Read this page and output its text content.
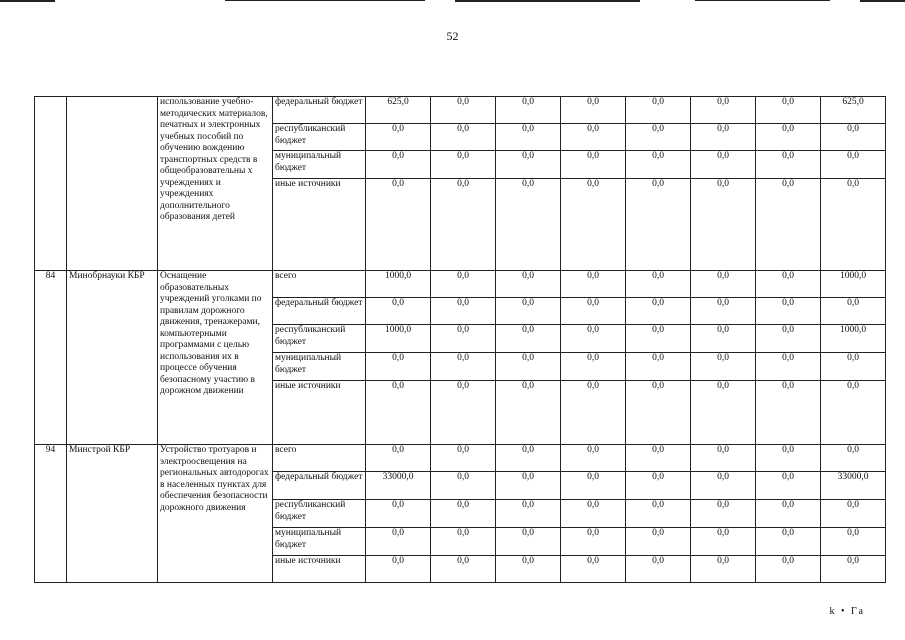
52
		использование учебно-методических материалов, печатных и электронных учебных пособий по обучению вождению транспортных средств в общеобразовательны х учреждениях и учреждениях дополнительного образования детей	федеральный бюджет	625,0	0,0	0,0	0,0	0,0	0,0	0,0	625,0
			республиканский бюджет	0,0	0,0	0,0	0,0	0,0	0,0	0,0	0,0
			муниципальный бюджет	0,0	0,0	0,0	0,0	0,0	0,0	0,0	0,0
			иные источники	0,0	0,0	0,0	0,0	0,0	0,0	0,0	0,0
84	Минобрнауки КБР	Оснащение образовательных учреждений уголками по правилам дорожного движения, тренажерами, компьютерными программами с целью использования их в процессе обучения безопасному участию в дорожном движении	всего	1000,0	0,0	0,0	0,0	0,0	0,0	0,0	1000,0
			федеральный бюджет	0,0	0,0	0,0	0,0	0,0	0,0	0,0	0,0
			республиканский бюджет	1000,0	0,0	0,0	0,0	0,0	0,0	0,0	1000,0
			муниципальный бюджет	0,0	0,0	0,0	0,0	0,0	0,0	0,0	0,0
			иные источники	0,0	0,0	0,0	0,0	0,0	0,0	0,0	0,0
94	Минстрой КБР	Устройство тротуаров и электроосвещения на региональных автодорогах в населенных пунктах для обеспечения безопасности дорожного движения	всего	0,0	0,0	0,0	0,0	0,0	0,0	0,0	0,0
			федеральный бюджет	33000,0	0,0	0,0	0,0	0,0	0,0	0,0	33000,0
			республиканский бюджет	0,0	0,0	0,0	0,0	0,0	0,0	0,0	0,0
			муниципальный бюджет	0,0	0,0	0,0	0,0	0,0	0,0	0,0	0,0
			иные источники	0,0	0,0	0,0	0,0	0,0	0,0	0,0	0,0
k • Га
